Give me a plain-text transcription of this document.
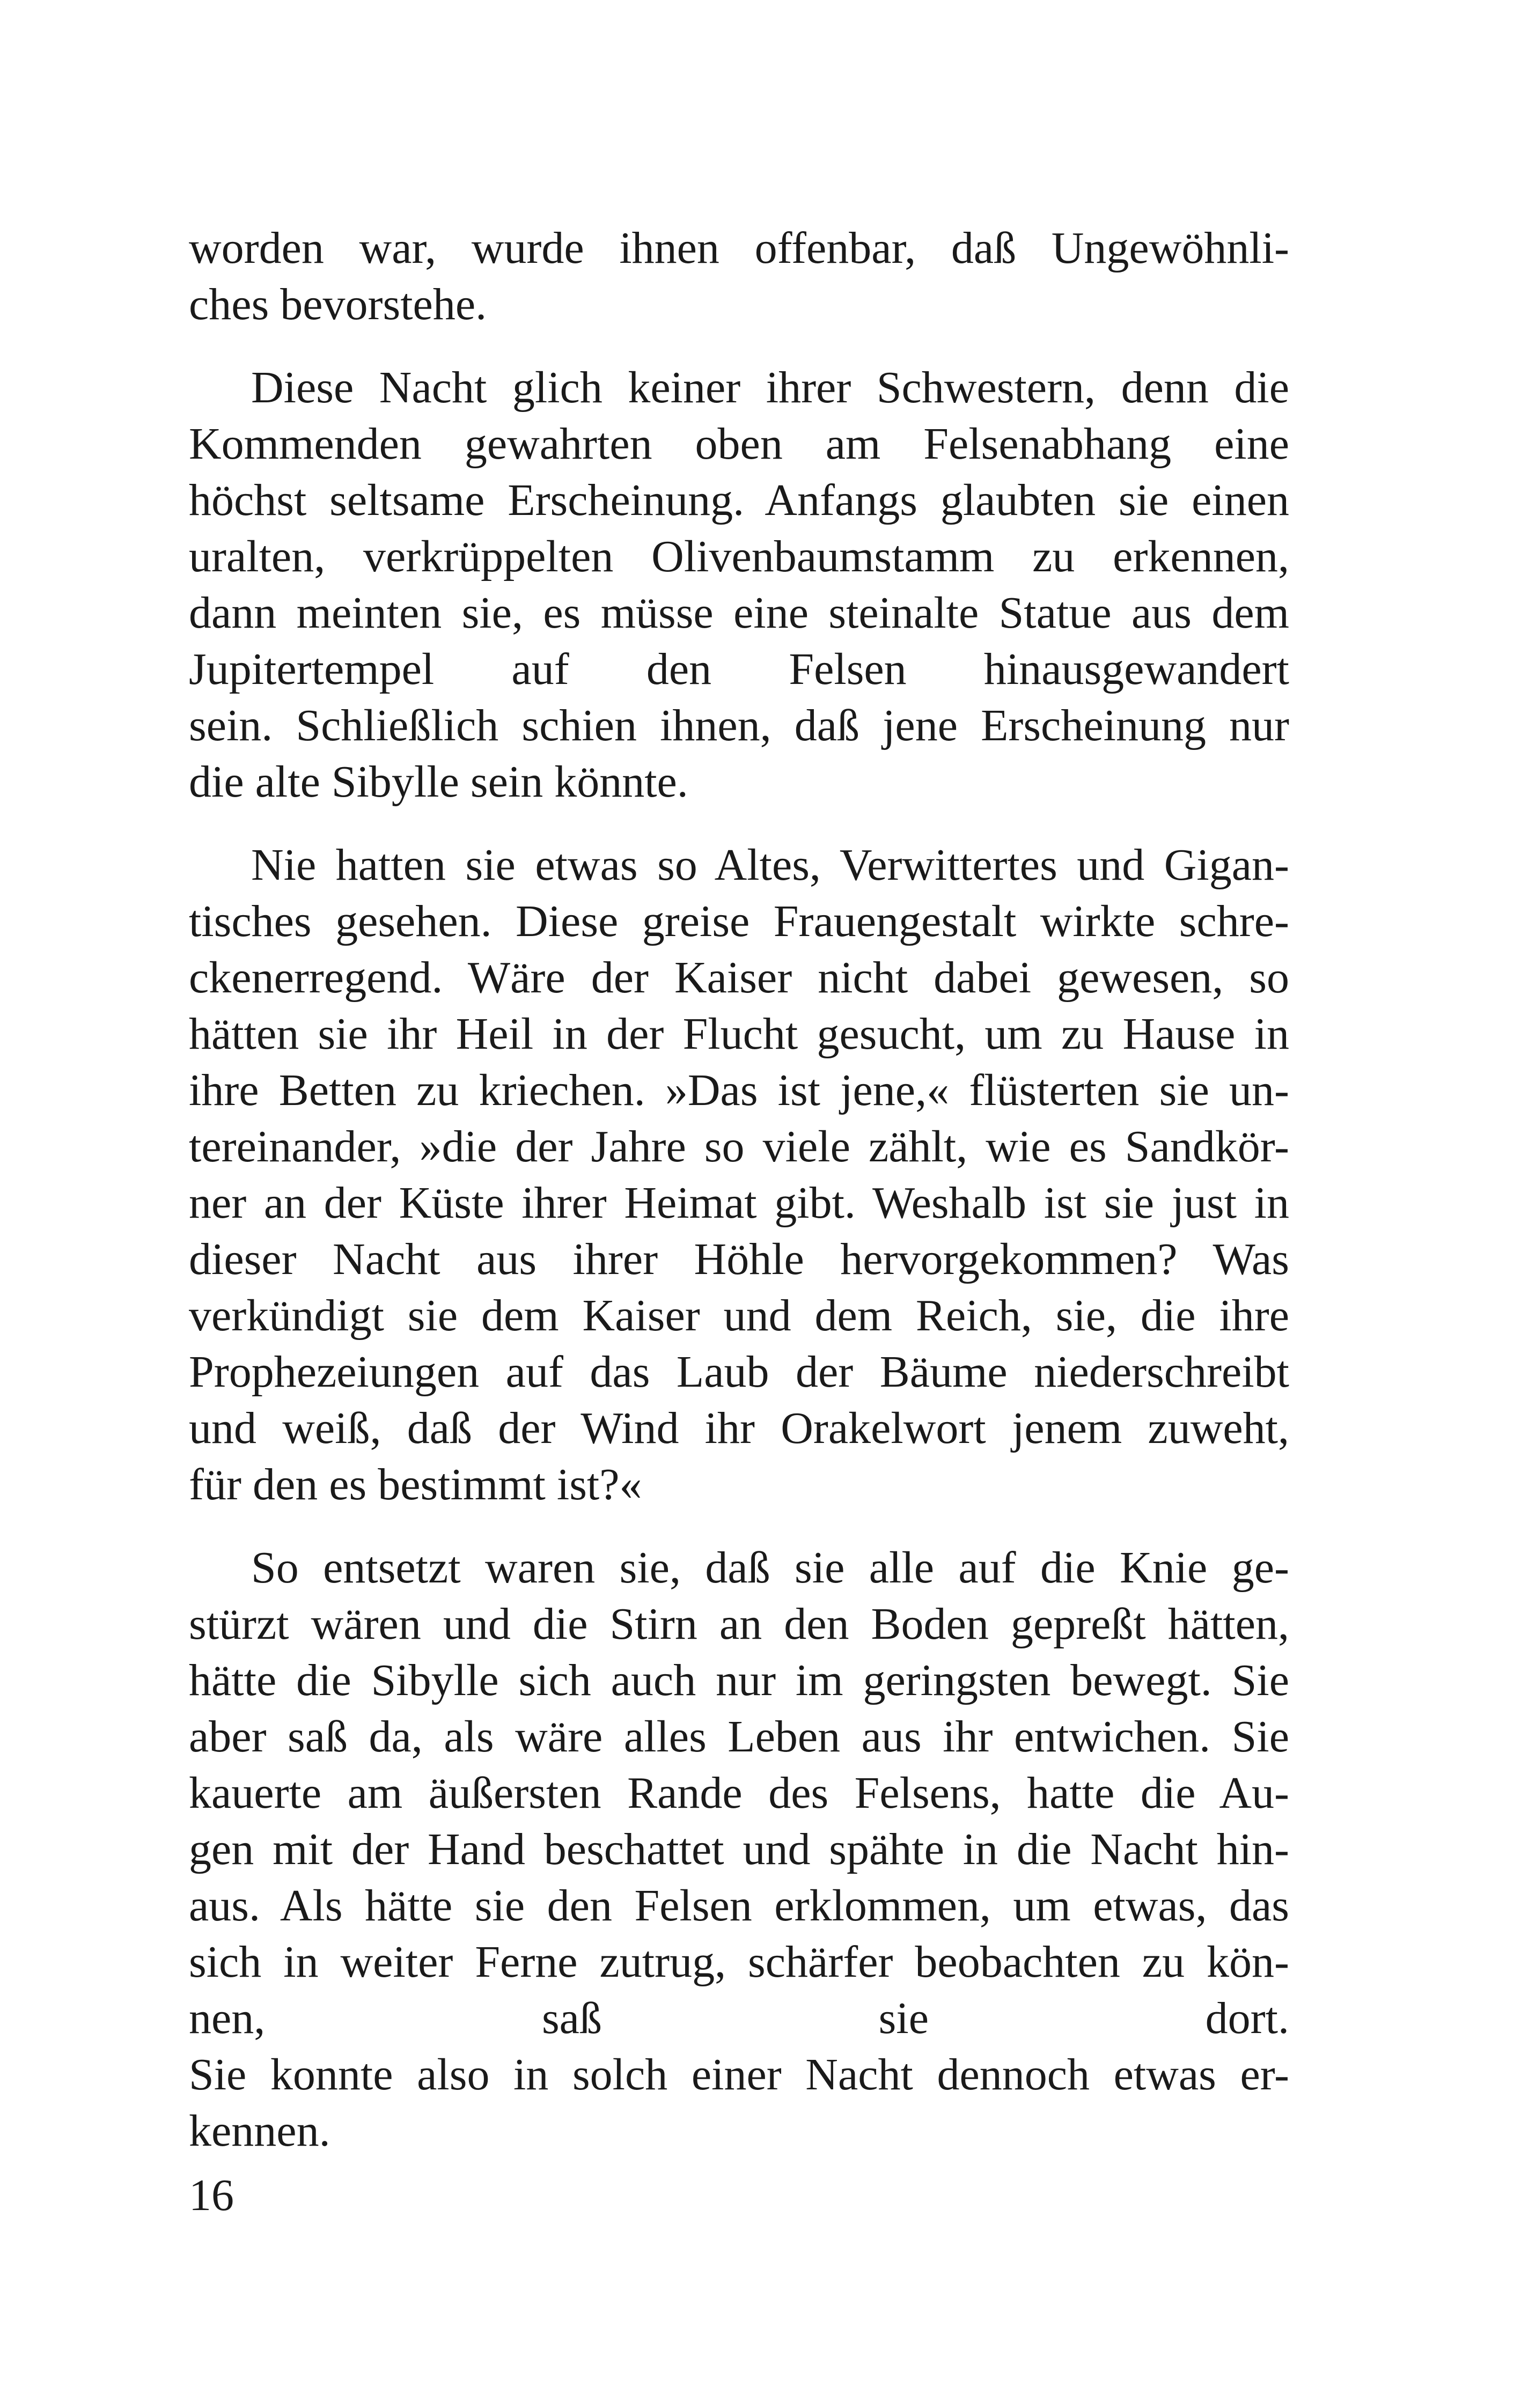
worden war, wurde ihnen offenbar, daß Ungewöhnli-
ches bevorstehe.
Diese Nacht glich keiner ihrer Schwestern, denn die
Kommenden gewahrten oben am Felsenabhang eine
höchst seltsame Erscheinung. Anfangs glaubten sie einen
uralten, verkrüppelten Olivenbaumstamm zu erkennen,
dann meinten sie, es müsse eine steinalte Statue aus dem
Jupitertempel auf den Felsen hinausgewandert
sein. Schließlich schien ihnen, daß jene Erscheinung nur
die alte Sibylle sein könnte.
Nie hatten sie etwas so Altes, Verwittertes und Gigan-
tisches gesehen. Diese greise Frauengestalt wirkte schre-
ckenerregend. Wäre der Kaiser nicht dabei gewesen, so
hätten sie ihr Heil in der Flucht gesucht, um zu Hause in
ihre Betten zu kriechen. »Das ist jene,« flüsterten sie un-
tereinander, »die der Jahre so viele zählt, wie es Sandkör-
ner an der Küste ihrer Heimat gibt. Weshalb ist sie just in
dieser Nacht aus ihrer Höhle hervorgekommen? Was
verkündigt sie dem Kaiser und dem Reich, sie, die ihre
Prophezeiungen auf das Laub der Bäume niederschreibt
und weiß, daß der Wind ihr Orakelwort jenem zuweht,
für den es bestimmt ist?«
So entsetzt waren sie, daß sie alle auf die Knie ge-
stürzt wären und die Stirn an den Boden gepreßt hätten,
hätte die Sibylle sich auch nur im geringsten bewegt. Sie
aber saß da, als wäre alles Leben aus ihr entwichen. Sie
kauerte am äußersten Rande des Felsens, hatte die Au-
gen mit der Hand beschattet und spähte in die Nacht hin-
aus. Als hätte sie den Felsen erklommen, um etwas, das
sich in weiter Ferne zutrug, schärfer beobachten zu kön-
nen, saß sie dort.
Sie konnte also in solch einer Nacht dennoch etwas er-
kennen.
16
